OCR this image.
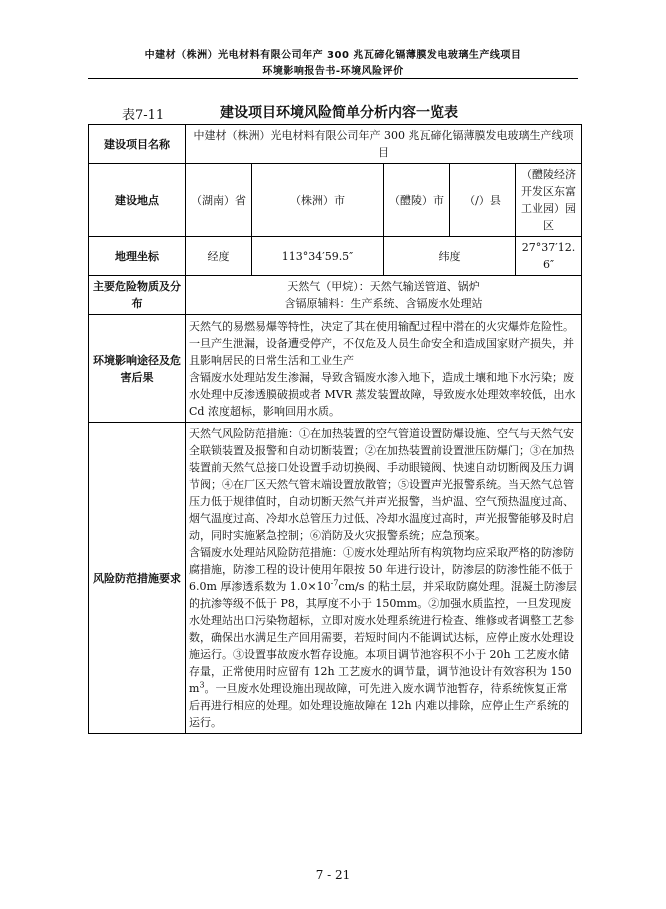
中建材（株洲）光电材料有限公司年产 300 兆瓦碲化镉薄膜发电玻璃生产线项目
环境影响报告书-环境风险评价
表7-11	建设项目环境风险简单分析内容一览表
建设项目名称	中建材（株洲）光电材料有限公司年产 300 兆瓦碲化镉薄膜发电玻璃生产线项目				
建设地点	（湖南）省	（株洲）市	（醴陵）市	（/）县	（醴陵经济开发区东富工业园）园区
地理坐标	经度	113°34′59.5″	纬度		27°37′12.6″
主要危险物质及分布	天然气（甲烷）：天然气输送管道、锅炉
含镉原辅料：生产系统、含镉废水处理站				

环境影响途径及危害后果	天然气的易燃易爆等特性，决定了其在使用输配过程中潜在的火灾爆炸危险性。一旦产生泄漏，设备遭受停产，不仅危及人员生命安全和造成国家财产损失，并且影响居民的日常生活和工业生产
含镉废水处理站发生渗漏，导致含镉废水渗入地下，造成土壤和地下水污染；废水处理中反渗透膜破损或者 MVR 蒸发装置故障，导致废水处理效率较低，出水 Cd 浓度超标，影响回用水质。				

风险防范措施要求	天然气风险防范措施：①在加热装置的空气管道设置防爆设施、空气与天然气安全联锁装置及报警和自动切断装置；②在加热装置前设置泄压防爆门；③在加热装置前天然气总接口处设置手动切换阀、手动眼镜阀、快速自动切断阀及压力调节阀；④在厂区天然气管末端设置放散管；⑤设置声光报警系统。当天然气总管压力低于规律值时，自动切断天然气并声光报警，当炉温、空气预热温度过高、烟气温度过高、冷却水总管压力过低、冷却水温度过高时，声光报警能够及时启动，同时实施紧急控制；⑥消防及火灾报警系统；应急预案。
含镉废水处理站风险防范措施：①废水处理站所有构筑物均应采取严格的防渗防腐措施，防渗工程的设计使用年限按 50 年进行设计，防渗层的防渗性能不低于 6.0m 厚渗透系数为 $1.0\times 10^{-7}cm/s$ 的粘土层，并采取防腐处理。混凝土防渗层的抗渗等级不低于 P8，其厚度不小于 150mm。②加强水质监控，一旦发现废水处理站出口污染物超标，立即对废水处理系统进行检查、维修或者调整工艺参数，确保出水满足生产回用需要，若短时间内不能调试达标，应停止废水处理设施运行。③设置事故废水暂存设施。本项目调节池容积不小于 20h 工艺废水储存量，正常使用时应留有 12h 工艺废水的调节量，调节池设计有效容积为 150 $m^3$。一旦废水处理设施出现故障，可先进入废水调节池暂存，待系统恢复正常后再进行相应的处理。如处理设施故障在 12h 内难以排除，应停止生产系统的运行。				
7 - 21
